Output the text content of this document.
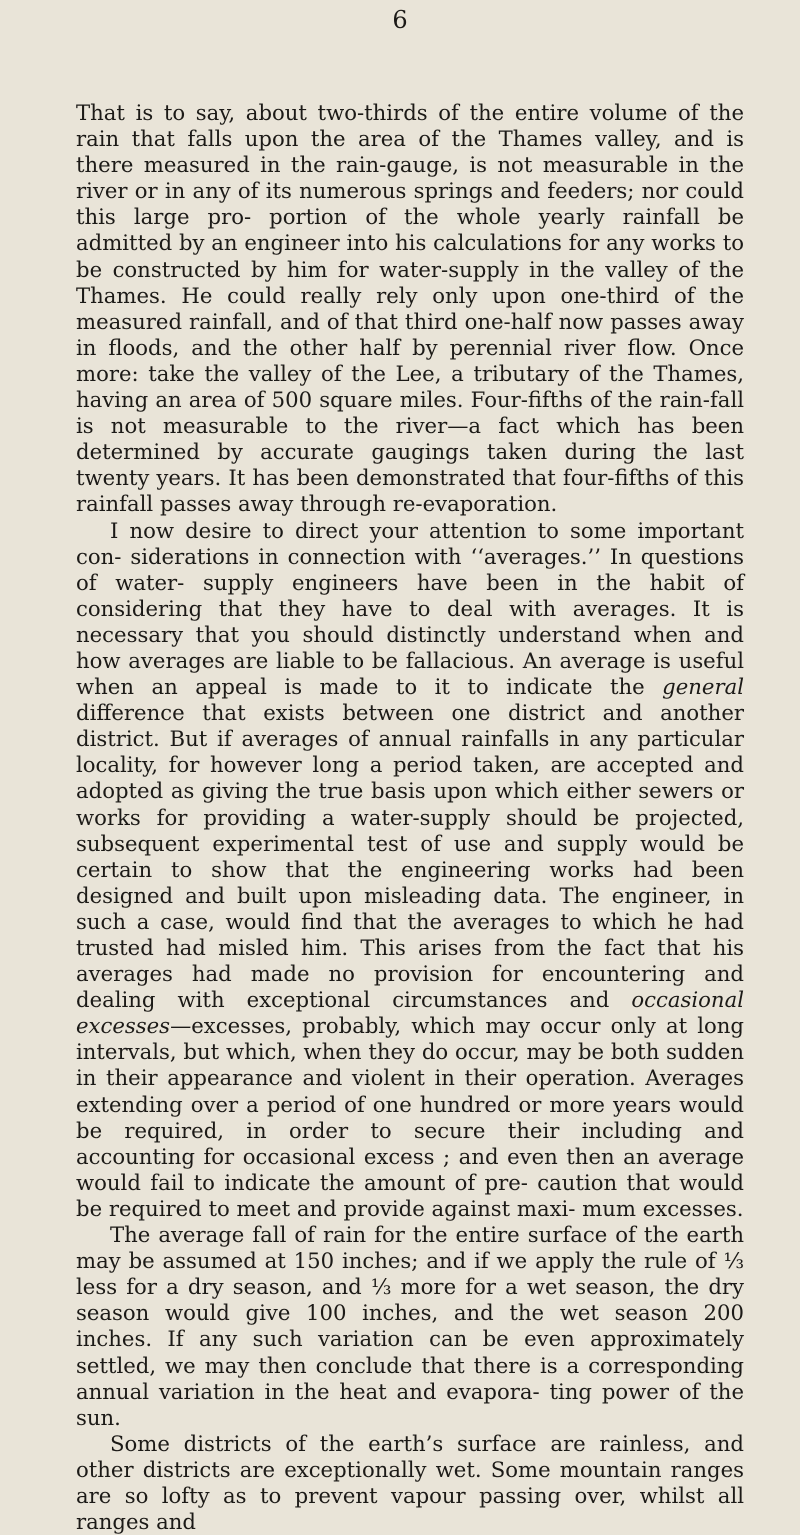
6

That is to say, about two-thirds of the entire volume of the rain that falls upon the area of the Thames valley, and is there measured in the rain-gauge, is not measurable in the river or in any of its numerous springs and feeders; nor could this large pro- portion of the whole yearly rainfall be admitted by an engineer into his calculations for any works to be constructed by him for water-supply in the valley of the Thames. He could really rely only upon one-third of the measured rainfall, and of that third one-half now passes away in floods, and the other half by perennial river flow. Once more: take the valley of the Lee, a tributary of the Thames, having an area of 500 square miles. Four-fifths of the rain-fall is not measurable to the river—a fact which has been determined by accurate gaugings taken during the last twenty years. It has been demonstrated that four-fifths of this rainfall passes away through re-evaporation.

I now desire to direct your attention to some important con- siderations in connection with ‘‘averages.’’ In questions of water- supply engineers have been in the habit of considering that they have to deal with averages. It is necessary that you should distinctly understand when and how averages are liable to be fallacious. An average is useful when an appeal is made to it to indicate the general difference that exists between one district and another district. But if averages of annual rainfalls in any particular locality, for however long a period taken, are accepted and adopted as giving the true basis upon which either sewers or works for providing a water-supply should be projected, subsequent experimental test of use and supply would be certain to show that the engineering works had been designed and built upon misleading data. The engineer, in such a case, would find that the averages to which he had trusted had misled him. This arises from the fact that his averages had made no provision for encountering and dealing with exceptional circumstances and occasional excesses—excesses, probably, which may occur only at long intervals, but which, when they do occur, may be both sudden in their appearance and violent in their operation. Averages extending over a period of one hundred or more years would be required, in order to secure their including and accounting for occasional excess ; and even then an average would fail to indicate the amount of pre- caution that would be required to meet and provide against maxi- mum excesses.

The average fall of rain for the entire surface of the earth may be assumed at 150 inches; and if we apply the rule of ⅓ less for a dry season, and ⅓ more for a wet season, the dry season would give 100 inches, and the wet season 200 inches. If any such variation can be even approximately settled, we may then conclude that there is a corresponding annual variation in the heat and evapora- ting power of the sun.

Some districts of the earth’s surface are rainless, and other districts are exceptionally wet. Some mountain ranges are so lofty as to prevent vapour passing over, whilst all ranges and
